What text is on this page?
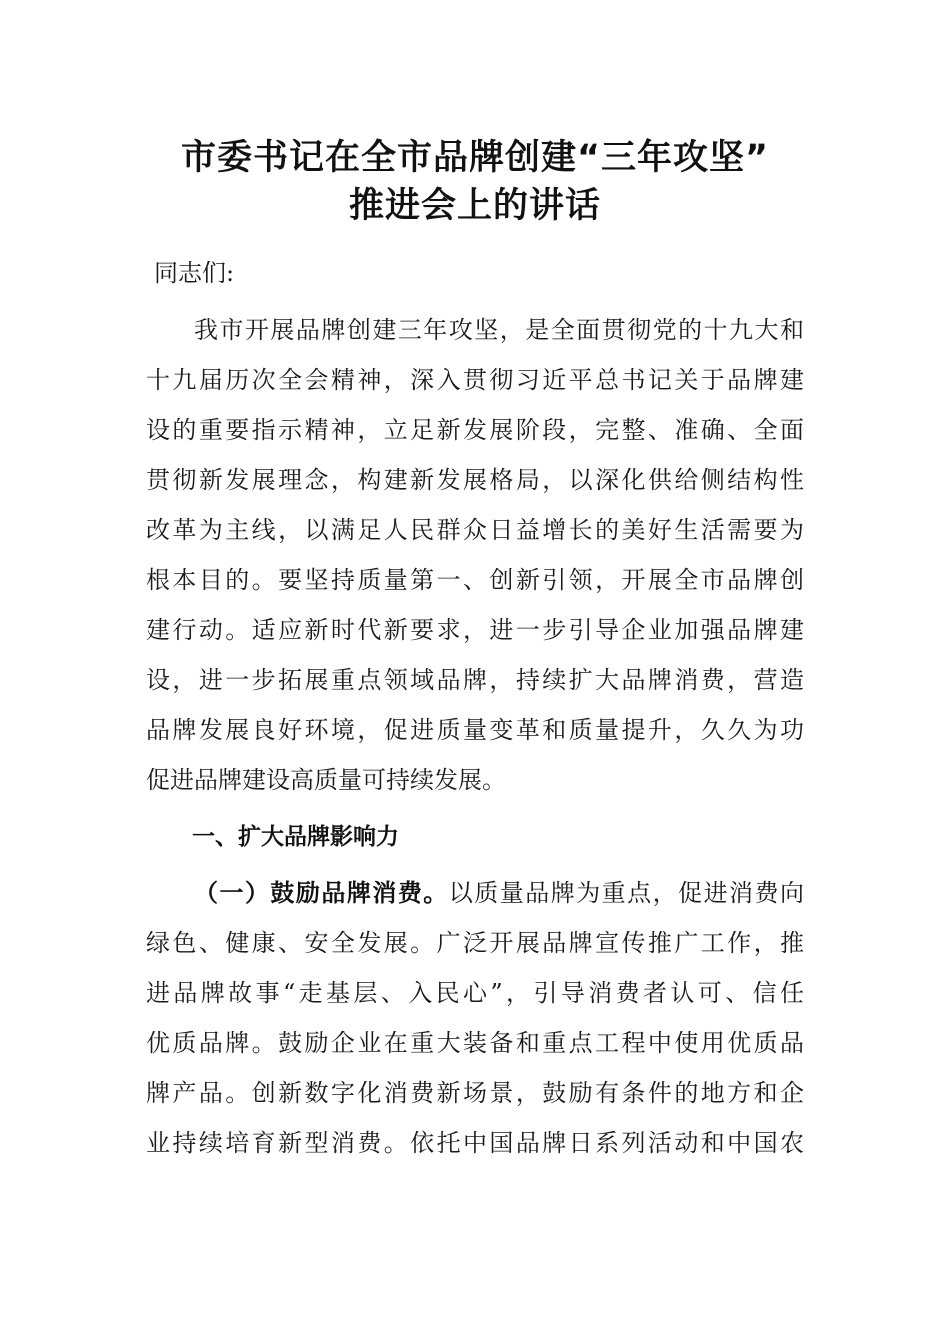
市委书记在全市品牌创建“三年攻坚”
推进会上的讲话
同志们:
我市开展品牌创建三年攻坚，是全面贯彻党的十九大和
十九届历次全会精神，深入贯彻习近平总书记关于品牌建
设的重要指示精神，立足新发展阶段，完整、准确、全面
贯彻新发展理念，构建新发展格局，以深化供给侧结构性
改革为主线，以满足人民群众日益增长的美好生活需要为
根本目的。要坚持质量第一、创新引领，开展全市品牌创
建行动。适应新时代新要求，进一步引导企业加强品牌建
设，进一步拓展重点领域品牌，持续扩大品牌消费，营造
品牌发展良好环境，促进质量变革和质量提升，久久为功
促进品牌建设高质量可持续发展。
一、扩大品牌影响力
（一）鼓励品牌消费。以质量品牌为重点，促进消费向
绿色、健康、安全发展。广泛开展品牌宣传推广工作，推
进品牌故事“走基层、入民心”，引导消费者认可、信任
优质品牌。鼓励企业在重大装备和重点工程中使用优质品
牌产品。创新数字化消费新场景，鼓励有条件的地方和企
业持续培育新型消费。依托中国品牌日系列活动和中国农
